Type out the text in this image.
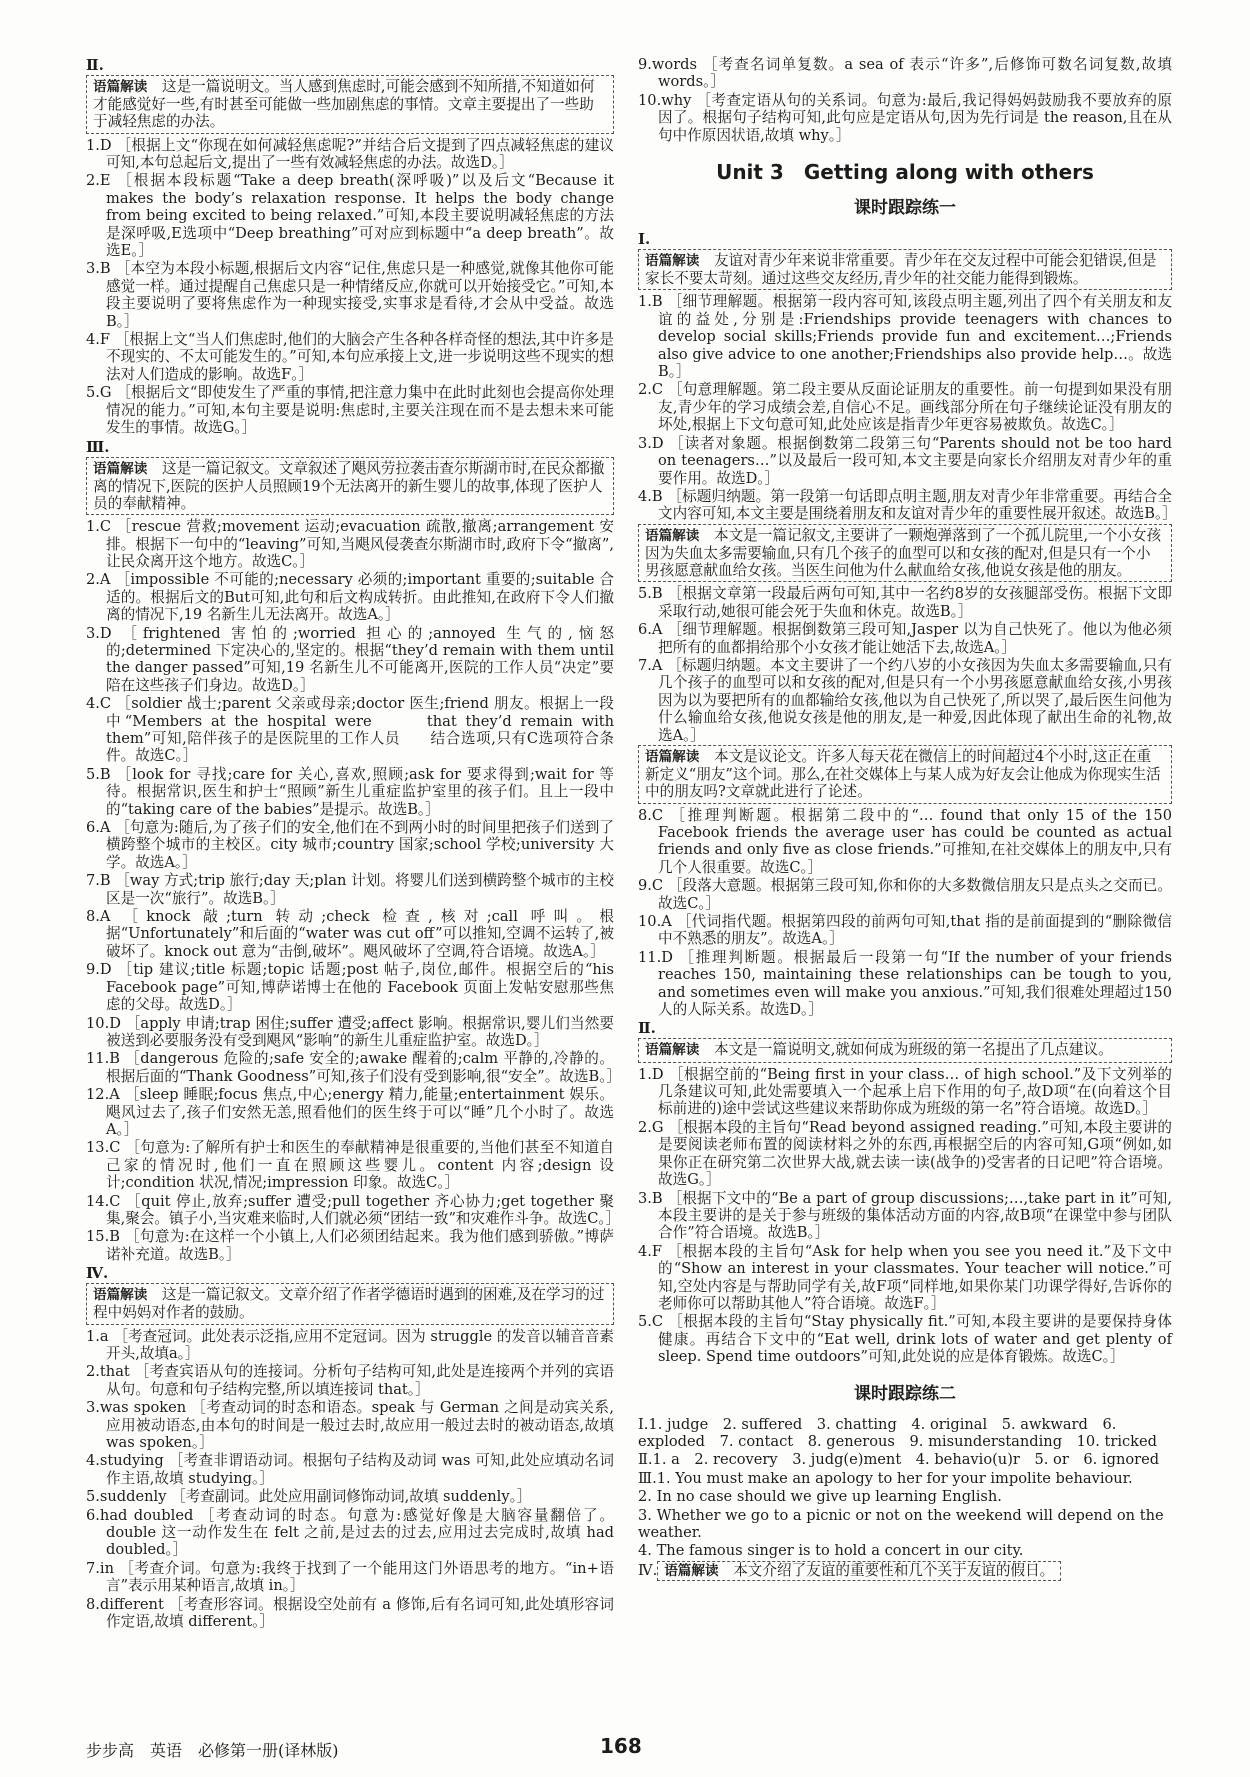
Ⅱ.

语篇解读　 这是一篇说明文。当人感到焦虑时,可能会感到不知所措,不知道如何才能感觉好一些,有时甚至可能做一些加剧焦虑的事情。文章主要提出了一些助于减轻焦虑的办法。

1.D ［根据上文“你现在如何减轻焦虑呢?”并结合后文提到了四点减轻焦虑的建议可知,本句总起后文,提出了一些有效减轻焦虑的办法。故选D。］

2.E ［根据本段标题“Take a deep breath(深呼吸)”以及后文“Because it makes the body’s relaxation response. It helps the body change from being excited to being relaxed.”可知,本段主要说明减轻焦虑的方法是深呼吸,E选项中“Deep breathing”可对应到标题中“a deep breath”。故选E。］

3.B ［本空为本段小标题,根据后文内容“记住,焦虑只是一种感觉,就像其他你可能感觉一样。通过提醒自己焦虑只是一种情绪反应,你就可以开始接受它。”可知,本段主要说明了要将焦虑作为一种现实接受,实事求是看待,才会从中受益。故选B。］

4.F ［根据上文“当人们焦虑时,他们的大脑会产生各种各样奇怪的想法,其中许多是不现实的、不太可能发生的。”可知,本句应承接上文,进一步说明这些不现实的想法对人们造成的影响。故选F。］

5.G ［根据后文“即使发生了严重的事情,把注意力集中在此时此刻也会提高你处理情况的能力。”可知,本句主要是说明:焦虑时,主要关注现在而不是去想未来可能发生的事情。故选G。］

Ⅲ.

语篇解读　 这是一篇记叙文。文章叙述了飓风劳拉袭击查尔斯湖市时,在民众都撤离的情况下,医院的医护人员照顾19个无法离开的新生婴儿的故事,体现了医护人员的奉献精神。

1.C ［rescue 营救;movement 运动;evacuation 疏散,撤离;arrangement 安排。根据下一句中的“leaving”可知,当飓风侵袭查尔斯湖市时,政府下令“撤离”,让民众离开这个地方。故选C。］

2.A ［impossible 不可能的;necessary 必须的;important 重要的;suitable 合适的。根据后文的But可知,此句和后文构成转折。由此推知,在政府下令人们撤离的情况下,19 名新生儿无法离开。故选A。］

3.D ［frightened 害怕的;worried 担心的;annoyed 生气的,恼怒的;determined 下定决心的,坚定的。根据“they’d remain with them until the danger passed”可知,19 名新生儿不可能离开,医院的工作人员“决定”要陪在这些孩子们身边。故选D。］

4.C ［soldier 战士;parent 父亲或母亲;doctor 医生;friend 朋友。根据上一段中“Members at the hospital were 　　 that they’d remain with them”可知,陪伴孩子的是医院里的工作人员　　结合选项,只有C选项符合条件。故选C。］

5.B ［look for 寻找;care for 关心,喜欢,照顾;ask for 要求得到;wait for 等待。根据常识,医生和护士“照顾”新生儿重症监护室里的孩子们。且上一段中的“taking care of the babies”是提示。故选B。］

6.A ［句意为:随后,为了孩子们的安全,他们在不到两小时的时间里把孩子们送到了横跨整个城市的主校区。city 城市;country 国家;school 学校;university 大学。故选A。］

7.B ［way 方式;trip 旅行;day 天;plan 计划。将婴儿们送到横跨整个城市的主校区是一次“旅行”。故选B。］

8.A ［knock 敲;turn 转动;check 检查,核对;call 呼叫。根据“Unfortunately”和后面的“water was cut off”可以推知,空调不运转了,被破坏了。knock out 意为“击倒,破坏”。飓风破坏了空调,符合语境。故选A。］

9.D ［tip 建议;title 标题;topic 话题;post 帖子,岗位,邮件。根据空后的“his Facebook page”可知,博萨诺博士在他的 Facebook 页面上发帖安慰那些焦虑的父母。故选D。］

10.D ［apply 申请;trap 困住;suffer 遭受;affect 影响。根据常识,婴儿们当然要被送到必要服务没有受到飓风“影响”的新生儿重症监护室。故选D。］

11.B ［dangerous 危险的;safe 安全的;awake 醒着的;calm 平静的,冷静的。根据后面的“Thank Goodness”可知,孩子们没有受到影响,很“安全”。故选B。］

12.A ［sleep 睡眠;focus 焦点,中心;energy 精力,能量;entertainment 娱乐。飓风过去了,孩子们安然无恙,照看他们的医生终于可以“睡”几个小时了。故选A。］

13.C ［句意为:了解所有护士和医生的奉献精神是很重要的,当他们甚至不知道自己家的情况时,他们一直在照顾这些婴儿。content 内容;design 设计;condition 状况,情况;impression 印象。故选C。］

14.C ［quit 停止,放弃;suffer 遭受;pull together 齐心协力;get together 聚集,聚会。镇子小,当灾难来临时,人们就必须“团结一致”和灾难作斗争。故选C。］

15.B ［句意为:在这样一个小镇上,人们必须团结起来。我为他们感到骄傲。”博萨诺补充道。故选B。］

Ⅳ.

语篇解读　 这是一篇记叙文。文章介绍了作者学德语时遇到的困难,及在学习的过程中妈妈对作者的鼓励。

1.a ［考查冠词。此处表示泛指,应用不定冠词。因为 struggle 的发音以辅音音素开头,故填a。］

2.that ［考查宾语从句的连接词。分析句子结构可知,此处是连接两个并列的宾语从句。句意和句子结构完整,所以填连接词 that。］

3.was spoken ［考查动词的时态和语态。speak 与 German 之间是动宾关系,应用被动语态,由本句的时间是一般过去时,故应用一般过去时的被动语态,故填 was spoken。］

4.studying ［考查非谓语动词。根据句子结构及动词 was 可知,此处应填动名词作主语,故填 studying。］

5.suddenly ［考查副词。此处应用副词修饰动词,故填 suddenly。］

6.had doubled ［考查动词的时态。句意为:感觉好像是大脑容量翻倍了。double 这一动作发生在 felt 之前,是过去的过去,应用过去完成时,故填 had doubled。］

7.in ［考查介词。句意为:我终于找到了一个能用这门外语思考的地方。“in+语言”表示用某种语言,故填 in。］

8.different ［考查形容词。根据设空处前有 a 修饰,后有名词可知,此处填形容词作定语,故填 different。］

9.words ［考查名词单复数。a sea of 表示“许多”,后修饰可数名词复数,故填 words。］

10.why ［考查定语从句的关系词。句意为:最后,我记得妈妈鼓励我不要放弃的原因了。根据句子结构可知,此句应是定语从句,因为先行词是 the reason,且在从句中作原因状语,故填 why。］

Unit 3　Getting along with others
课时跟踪练一

Ⅰ.

语篇解读　 友谊对青少年来说非常重要。青少年在交友过程中可能会犯错误,但是家长不要太苛刻。通过这些交友经历,青少年的社交能力能得到锻炼。

1.B ［细节理解题。根据第一段内容可知,该段点明主题,列出了四个有关朋友和友谊的益处,分别是:Friendships provide teenagers with chances to develop social skills;Friends provide fun and excitement…;Friends also give advice to one another;Friendships also provide help…。故选B。］

2.C ［句意理解题。第二段主要从反面论证朋友的重要性。前一句提到如果没有朋友,青少年的学习成绩会差,自信心不足。画线部分所在句子继续论证没有朋友的坏处,根据上下文句意可知,此处应该是指青少年更容易被欺负。故选C。］

3.D ［读者对象题。根据倒数第二段第三句“Parents should not be too hard on teenagers…”以及最后一段可知,本文主要是向家长介绍朋友对青少年的重要作用。故选D。］

4.B ［标题归纳题。第一段第一句话即点明主题,朋友对青少年非常重要。再结合全文内容可知,本文主要是围绕着朋友和友谊对青少年的重要性展开叙述。故选B。］

语篇解读　 本文是一篇记叙文,主要讲了一颗炮弹落到了一个孤儿院里,一个小女孩因为失血太多需要输血,只有几个孩子的血型可以和女孩的配对,但是只有一个小男孩愿意献血给女孩。当医生问他为什么献血给女孩,他说女孩是他的朋友。

5.B ［根据文章第一段最后两句可知,其中一名约8岁的女孩腿部受伤。根据下文即采取行动,她很可能会死于失血和休克。故选B。］

6.A ［细节理解题。根据倒数第三段可知,Jasper 以为自己快死了。他以为他必须把所有的血都捐给那个小女孩才能让她活下去,故选A。］

7.A ［标题归纳题。本文主要讲了一个约八岁的小女孩因为失血太多需要输血,只有几个孩子的血型可以和女孩的配对,但是只有一个小男孩愿意献血给女孩,小男孩因为以为要把所有的血都输给女孩,他以为自己快死了,所以哭了,最后医生问他为什么输血给女孩,他说女孩是他的朋友,是一种爱,因此体现了献出生命的礼物,故选A。］

语篇解读　 本文是议论文。许多人每天花在微信上的时间超过4个小时,这正在重新定义“朋友”这个词。那么,在社交媒体上与某人成为好友会让他成为你现实生活中的朋友吗?文章就此进行了论述。

8.C ［推理判断题。根据第二段中的“… found that only 15 of the 150 Facebook friends the average user has could be counted as actual friends and only five as close friends.”可推知,在社交媒体上的朋友中,只有几个人很重要。故选C。］

9.C ［段落大意题。根据第三段可知,你和你的大多数微信朋友只是点头之交而已。故选C。］

10.A ［代词指代题。根据第四段的前两句可知,that 指的是前面提到的“删除微信中不熟悉的朋友”。故选A。］

11.D ［推理判断题。根据最后一段第一句“If the number of your friends reaches 150, maintaining these relationships can be tough to you, and sometimes even will make you anxious.”可知,我们很难处理超过150人的人际关系。故选D。］

Ⅱ.

语篇解读　 本文是一篇说明文,就如何成为班级的第一名提出了几点建议。

1.D ［根据空前的“Being first in your class… of high school.”及下文列举的几条建议可知,此处需要填入一个起承上启下作用的句子,故D项“在(向着这个目标前进的)途中尝试这些建议来帮助你成为班级的第一名”符合语境。故选D。］

2.G ［根据本段的主旨句“Read beyond assigned reading.”可知,本段主要讲的是要阅读老师布置的阅读材料之外的东西,再根据空后的内容可知,G项“例如,如果你正在研究第二次世界大战,就去读一读(战争的)受害者的日记吧”符合语境。故选G。］

3.B ［根据下文中的“Be a part of group discussions;…,take part in it”可知,本段主要讲的是关于参与班级的集体活动方面的内容,故B项“在课堂中参与团队合作”符合语境。故选B。］

4.F ［根据本段的主旨句“Ask for help when you see you need it.”及下文中的“Show an interest in your classmates. Your teacher will notice.”可知,空处内容是与帮助同学有关,故F项“同样地,如果你某门功课学得好,告诉你的老师你可以帮助其他人”符合语境。故选F。］

5.C ［根据本段的主旨句“Stay physically fit.”可知,本段主要讲的是要保持身体健康。再结合下文中的“Eat well, drink lots of water and get plenty of sleep. Spend time outdoors”可知,此处说的应是体育锻炼。故选C。］

课时跟踪练二

Ⅰ.1. judge　2. suffered　3. chatting　4. original　5. awkward　6. exploded　7. contact　8. generous　9. misunderstanding　10. tricked

Ⅱ.1. a　2. recovery　3. judg(e)ment　4. behavio(u)r　5. or　6. ignored

Ⅲ.1. You must make an apology to her for your impolite behaviour.

2. In no case should we give up learning English.

3. Whether we go to a picnic or not on the weekend will depend on the weather.

4. The famous singer is to hold a concert in our city.

Ⅳ. 语篇解读　 本文介绍了友谊的重要性和几个关于友谊的假日。

步步高　英语　必修第一册(译林版)	168
